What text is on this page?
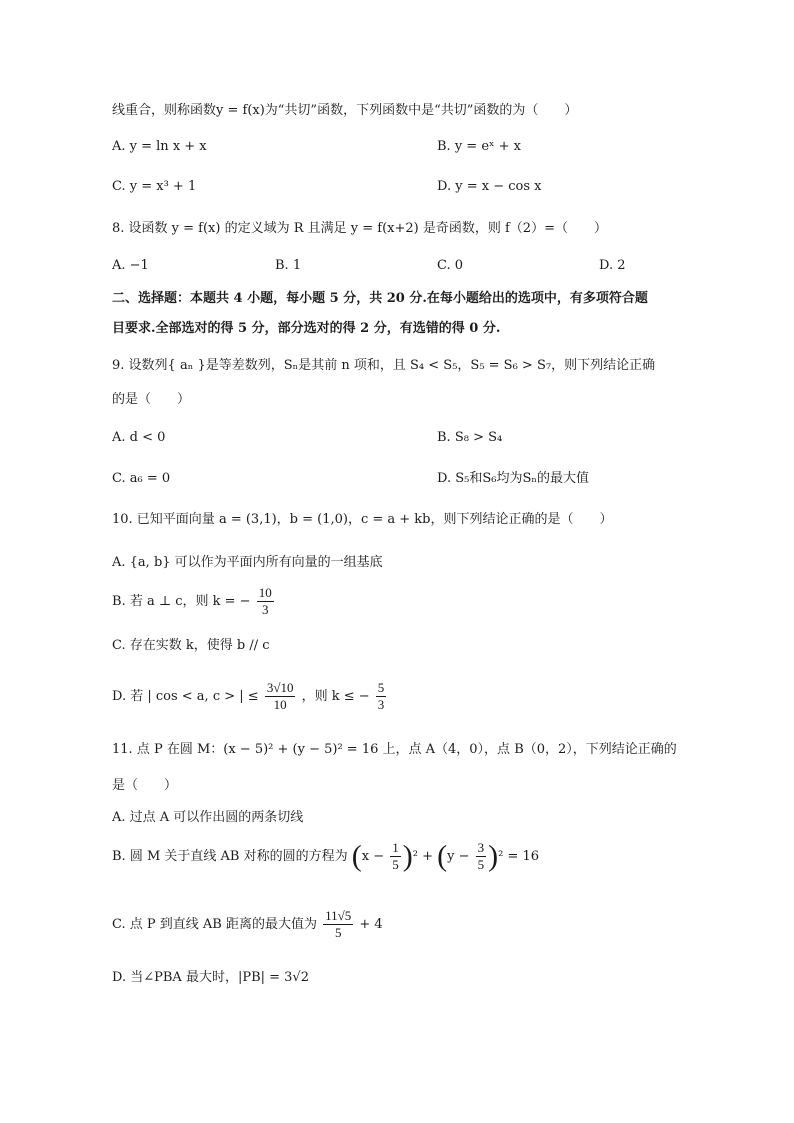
线重合，则称函数y = f(x)为“共切”函数，下列函数中是“共切”函数的为（　　）
A. y = ln x + x	B. y = eˣ + x
C. y = x³ + 1	D. y = x − cos x
8. 设函数 y = f(x) 的定义域为 R 且满足 y = f(x+2) 是奇函数，则 f（2）=（　　）
A. −1	B. 1	C. 0	D. 2
二、选择题：本题共 4 小题，每小题 5 分，共 20 分.在每小题给出的选项中，有多项符合题
目要求.全部选对的得 5 分，部分选对的得 2 分，有选错的得 0 分.
9. 设数列{ aₙ }是等差数列，Sₙ是其前 n 项和，且 S₄ < S₅，S₅ = S₆ > S₇，则下列结论正确
的是（　　）
A. d < 0	B. S₈ > S₄
C. a₆ = 0	D. S₅和S₆均为Sₙ的最大值
10. 已知平面向量 a = (3,1)，b = (1,0)，c = a + kb，则下列结论正确的是（　　）
A. {a, b} 可以作为平面内所有向量的一组基底
B. 若 a ⊥ c，则 k = − $\frac{10}{3}$
C. 存在实数 k，使得 b // c
D. 若 | cos < a, c > | ≤ $\frac{3√10}{10}$ ，则 k ≤ − $\frac{5}{3}$
11. 点 P 在圆 M：(x − 5)² + (y − 5)² = 16 上，点 A（4，0），点 B（0，2），下列结论正确的
是（　　）
A. 过点 A 可以作出圆的两条切线
B. 圆 M 关于直线 AB 对称的圆的方程为 $(x - \frac{1}{5} )^2 + (y - \frac{3}{5} )^2 = 16$
C. 点 P 到直线 AB 距离的最大值为 $\frac{11√5}{5} + 4$
D. 当∠PBA 最大时，|PB| = 3√2
